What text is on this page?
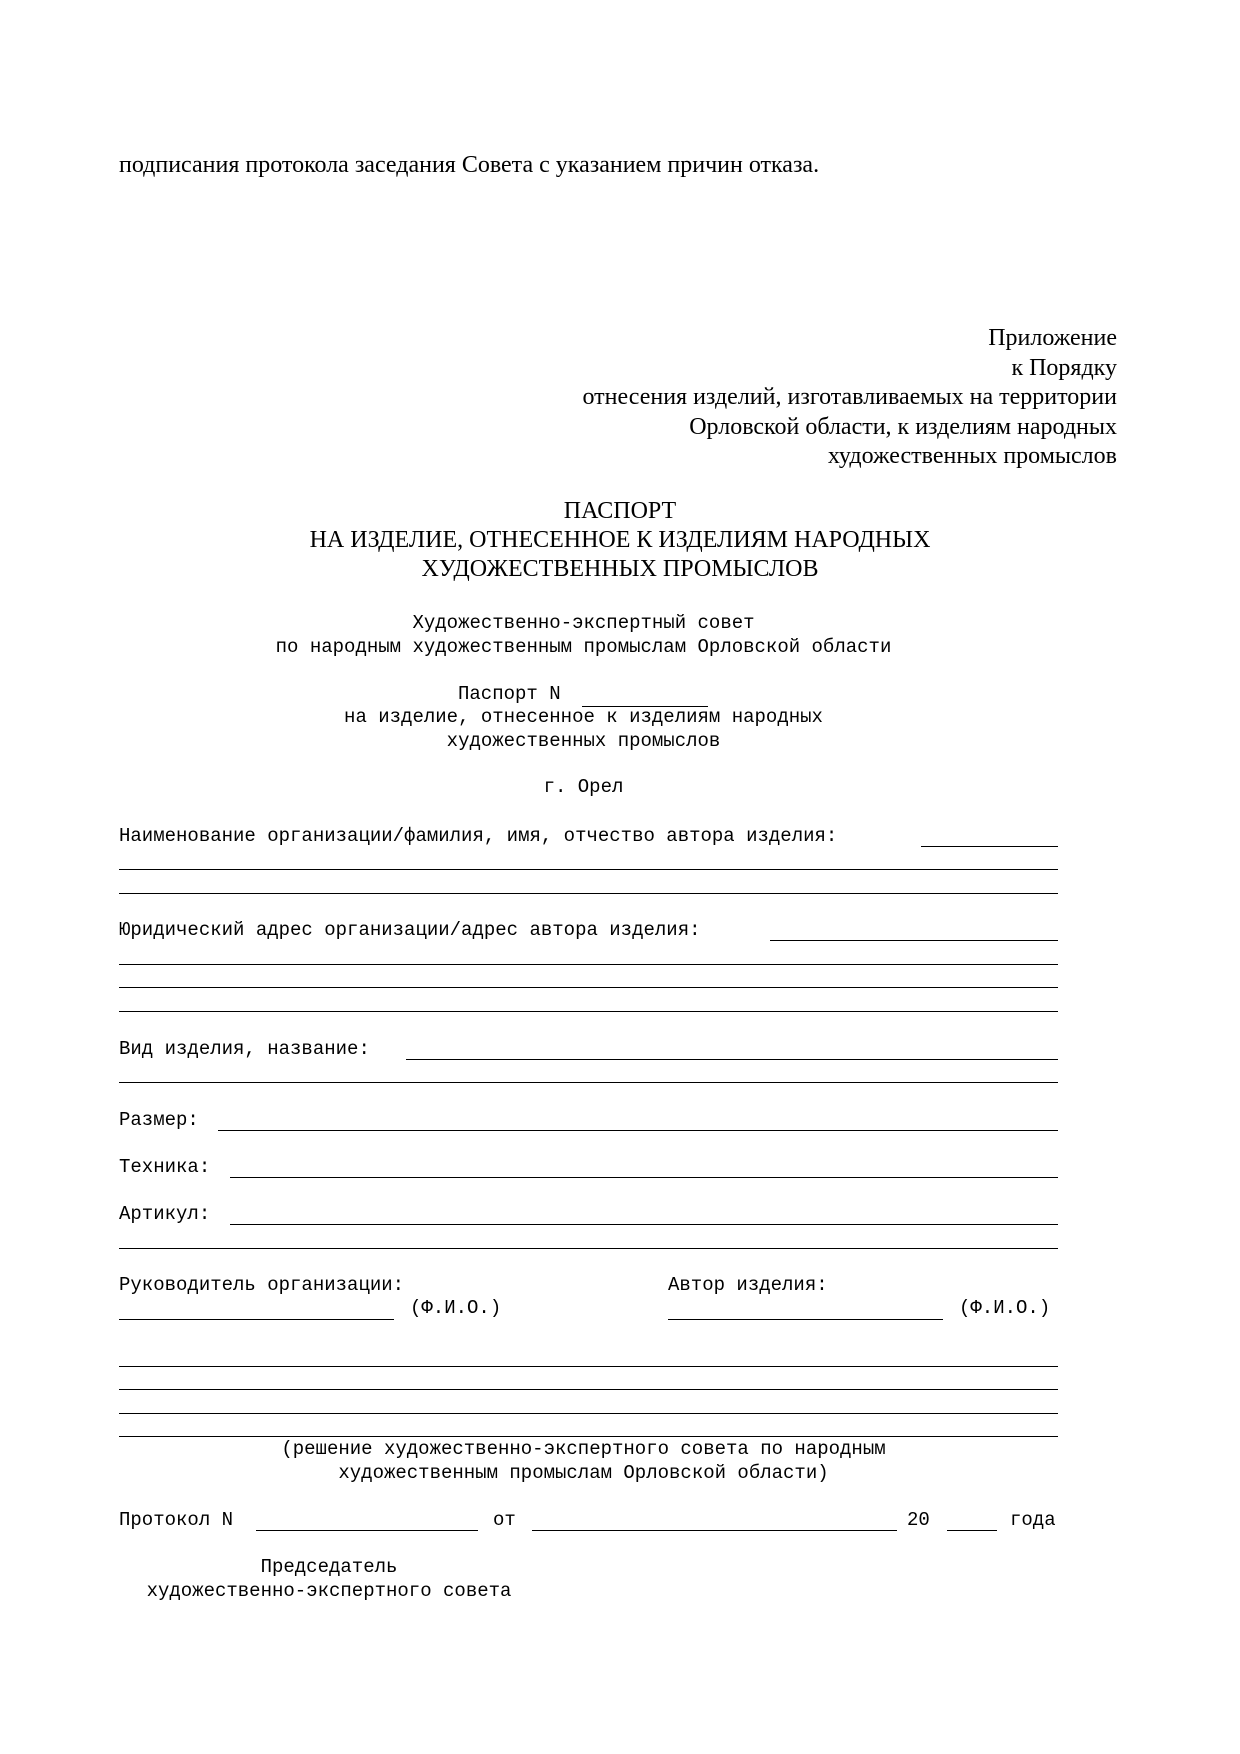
подписания протокола заседания Совета с указанием причин отказа.
Приложение
к Порядку
отнесения изделий, изготавливаемых на территории
Орловской области, к изделиям народных
художественных промыслов
ПАСПОРТ
НА ИЗДЕЛИЕ, ОТНЕСЕННОЕ К ИЗДЕЛИЯМ НАРОДНЫХ
ХУДОЖЕСТВЕННЫХ ПРОМЫСЛОВ
Художественно-экспертный совет
по народным художественным промыслам Орловской области
Паспорт N
на изделие, отнесенное к изделиям народных
художественных промыслов
г. Орел
Наименование организации/фамилия, имя, отчество автора изделия:
Юридический адрес организации/адрес автора изделия:
Вид изделия, название:
Размер:
Техника:
Артикул:
Руководитель организации:	Автор изделия:
(Ф.И.О.)	(Ф.И.О.)
(решение художественно-экспертного совета по народным
художественным промыслам Орловской области)
Протокол N	от	20	года
Председатель
художественно-экспертного совета
